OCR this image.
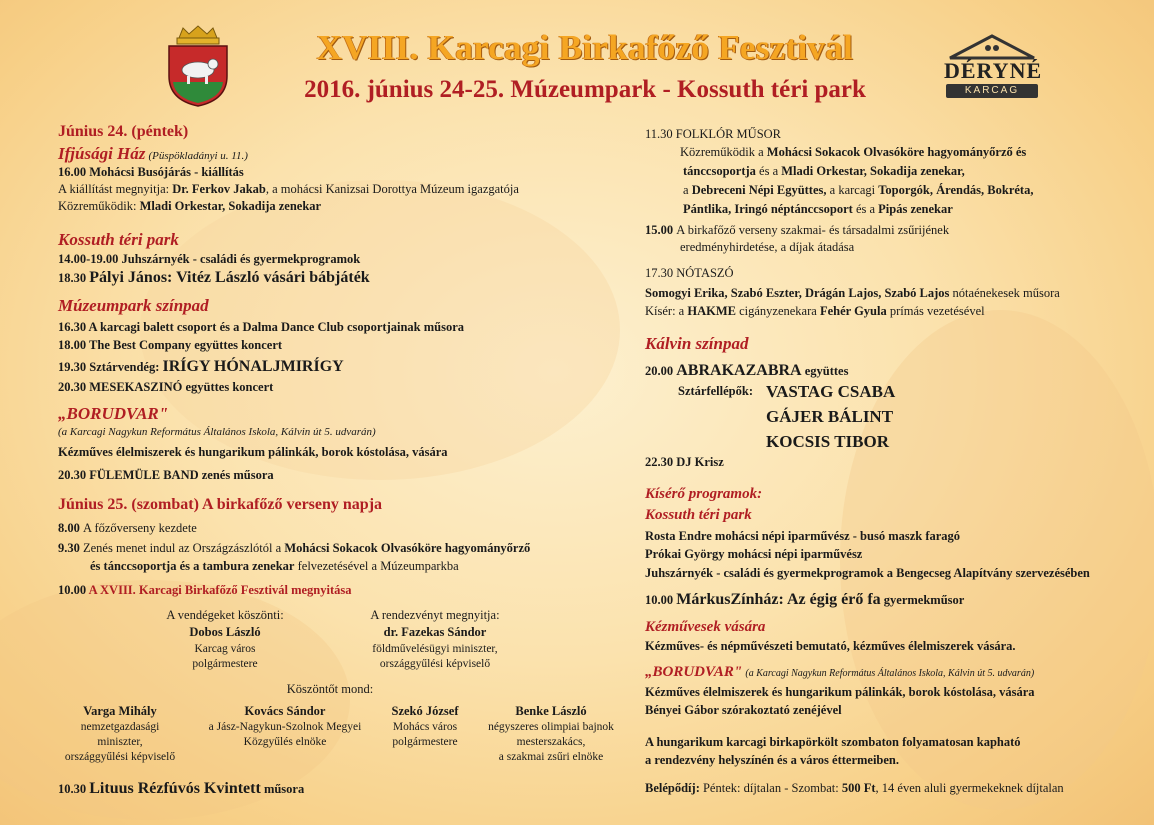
XVIII. Karcagi Birkafőző Fesztivál
2016. június 24-25. Múzeumpark - Kossuth téri park
DÉRYNÉ
KARCAG
Június 24. (péntek)
Ifjúsági Ház (Püspökladányi u. 11.)
16.00 Mohácsi Busójárás - kiállítás
A kiállítást megnyitja: Dr. Ferkov Jakab, a mohácsi Kanizsai Dorottya Múzeum igazgatója
Közreműködik: Mladi Orkestar, Sokadija zenekar
Kossuth téri park
14.00-19.00 Juhszárnyék - családi és gyermekprogramok
18.30 Pályi János: Vitéz László vásári bábjáték
Múzeumpark színpad
16.30 A karcagi balett csoport és a Dalma Dance Club csoportjainak műsora
18.00 The Best Company együttes koncert
19.30 Sztárvendég: IRÍGY HÓNALJMIRÍGY
20.30 MESEKASZINÓ együttes koncert
„BORUDVAR"
(a Karcagi Nagykun Református Általános Iskola, Kálvin út 5. udvarán)
Kézműves élelmiszerek és hungarikum pálinkák, borok kóstolása, vására
20.30 FÜLEMÜLE BAND zenés műsora
Június 25. (szombat) A birkafőző verseny napja
8.00 A főzőverseny kezdete
9.30 Zenés menet indul az Országzászlótól a Mohácsi Sokacok Olvasóköre hagyományőrző
és tánccsoportja és a tambura zenekar felvezetésével a Múzeumparkba
10.00 A XVIII. Karcagi Birkafőző Fesztivál megnyitása
A vendégeket köszönti:
Dobos László
Karcag város
polgármestere
A rendezvényt megnyitja:
dr. Fazekas Sándor
földművelésügyi miniszter,
országgyűlési képviselő
Köszöntőt mond:
Varga Mihály
nemzetgazdasági
miniszter,
országgyűlési képviselő
Kovács Sándor
a Jász-Nagykun-Szolnok Megyei
Közgyűlés elnöke
Szekó József
Mohács város
polgármestere
Benke László
négyszeres olimpiai bajnok
mesterszakács,
a szakmai zsűri elnöke
10.30 Lituus Rézfúvós Kvintett műsora
11.30 FOLKLÓR MŰSOR
Közreműködik a Mohácsi Sokacok Olvasóköre hagyományőrző és
tánccsoportja és a Mladi Orkestar, Sokadija zenekar,
a Debreceni Népi Együttes, a karcagi Toporgók, Árendás, Bokréta,
Pántlika, Iringó néptánccsoport és a Pipás zenekar
15.00 A birkafőző verseny szakmai- és társadalmi zsűrijének
eredményhirdetése, a díjak átadása
17.30 NÓTASZÓ
Somogyi Erika, Szabó Eszter, Drágán Lajos, Szabó Lajos nótaénekesek műsora
Kísér: a HAKME cigányzenekara Fehér Gyula prímás vezetésével
Kálvin színpad
20.00 ABRAKAZABRA együttes
Sztárfellépők: VASTAG CSABA
GÁJER BÁLINT
KOCSIS TIBOR
22.30 DJ Krisz
Kísérő programok:
Kossuth téri park
Rosta Endre mohácsi népi iparművész - busó maszk faragó
Prókai György mohácsi népi iparművész
Juhszárnyék - családi és gyermekprogramok a Bengecseg Alapítvány szervezésében
10.00 MárkusZínház: Az égig érő fa gyermekműsor
Kézművesek vására
Kézműves- és népművészeti bemutató, kézműves élelmiszerek vására.
„BORUDVAR" (a Karcagi Nagykun Református Általános Iskola, Kálvin út 5. udvarán)
Kézműves élelmiszerek és hungarikum pálinkák, borok kóstolása, vására
Bényei Gábor szórakoztató zenéjével
A hungarikum karcagi birkapörkölt szombaton folyamatosan kapható
a rendezvény helyszínén és a város éttermeiben.
Belépődíj: Péntek: díjtalan - Szombat: 500 Ft, 14 éven aluli gyermekeknek díjtalan
